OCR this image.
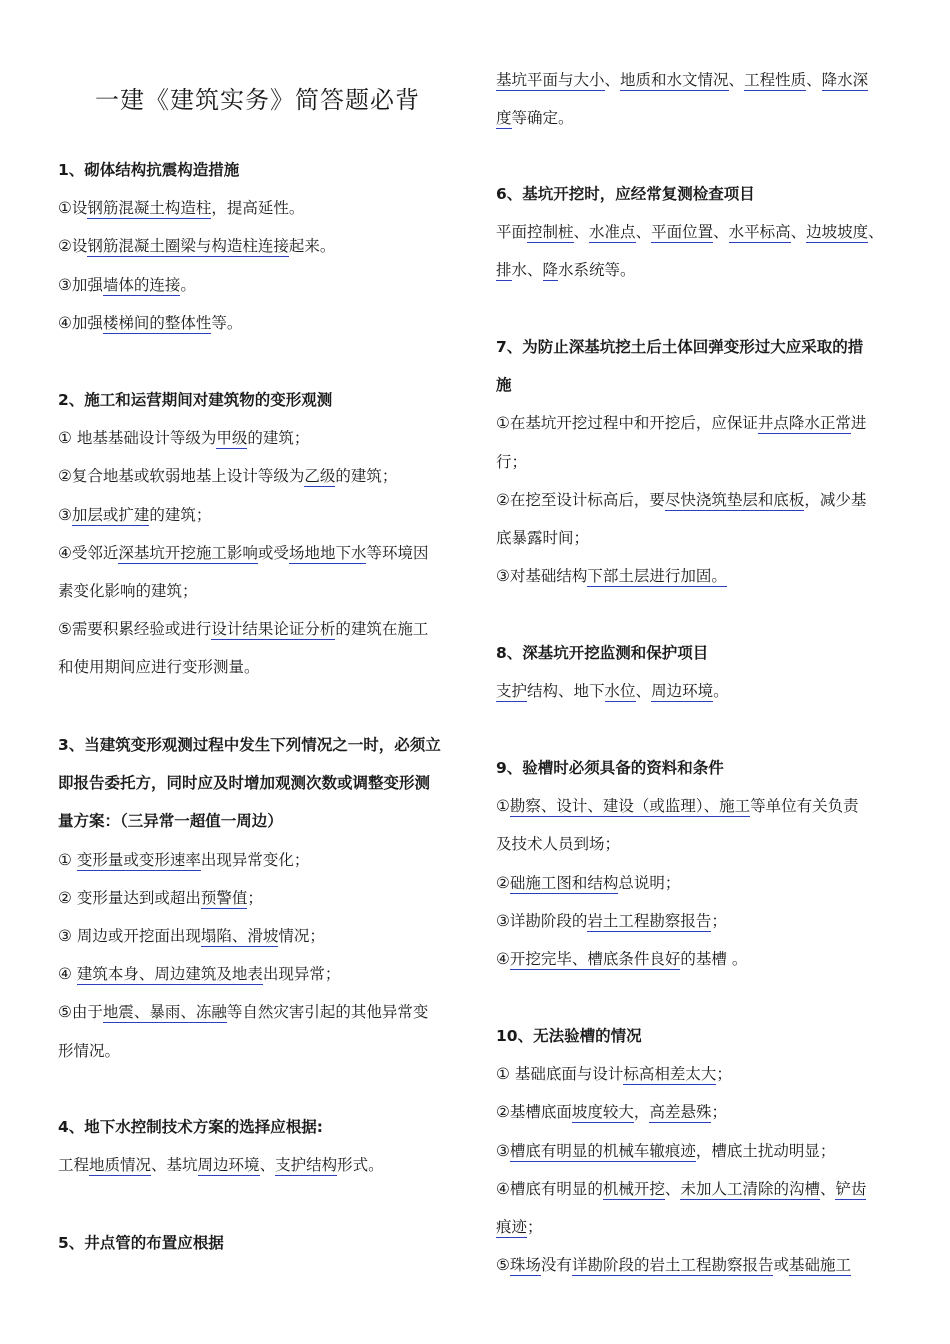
一建《建筑实务》简答题必背
1、砌体结构抗震构造措施
①设钢筋混凝土构造柱，提高延性。
②设钢筋混凝土圈梁与构造柱连接起来。
③加强墙体的连接。
④加强楼梯间的整体性等。
2、施工和运营期间对建筑物的变形观测
① 地基基础设计等级为甲级的建筑；
②复合地基或软弱地基上设计等级为乙级的建筑；
③加层或扩建的建筑；
④受邻近深基坑开挖施工影响或受场地地下水等环境因
素变化影响的建筑；
⑤需要积累经验或进行设计结果论证分析的建筑在施工
和使用期间应进行变形测量。
3、当建筑变形观测过程中发生下列情况之一时，必须立
即报告委托方，同时应及时增加观测次数或调整变形测
量方案：（三异常一超值一周边）
① 变形量或变形速率出现异常变化；
② 变形量达到或超出预警值；
③ 周边或开挖面出现塌陷、滑坡情况；
④ 建筑本身、周边建筑及地表出现异常；
⑤由于地震、暴雨、冻融等自然灾害引起的其他异常变
形情况。
4、地下水控制技术方案的选择应根据:
工程地质情况、基坑周边环境、支护结构形式。
5、井点管的布置应根据
基坑平面与大小、地质和水文情况、工程性质、降水深
度等确定。
6、基坑开挖时，应经常复测检查项目
平面控制桩、水准点、平面位置、水平标高、边坡坡度、
排水、降水系统等。
7、为防止深基坑挖土后土体回弹变形过大应采取的措
施
①在基坑开挖过程中和开挖后，应保证井点降水正常进
行；
②在挖至设计标高后，要尽快浇筑垫层和底板，减少基
底暴露时间；
③对基础结构下部土层进行加固。
8、深基坑开挖监测和保护项目
支护结构、地下水位、周边环境。
9、验槽时必须具备的资料和条件
①勘察、设计、建设（或监理）、施工等单位有关负责
及技术人员到场；
②础施工图和结构总说明；
③详勘阶段的岩土工程勘察报告；
④开挖完毕、槽底条件良好的基槽 。
10、无法验槽的情况
① 基础底面与设计标高相差太大；
②基槽底面坡度较大，高差悬殊；
③槽底有明显的机械车辙痕迹，槽底土扰动明显；
④槽底有明显的机械开挖、未加人工清除的沟槽、铲齿
痕迹；
⑤珠场没有详勘阶段的岩土工程勘察报告或基础施工
